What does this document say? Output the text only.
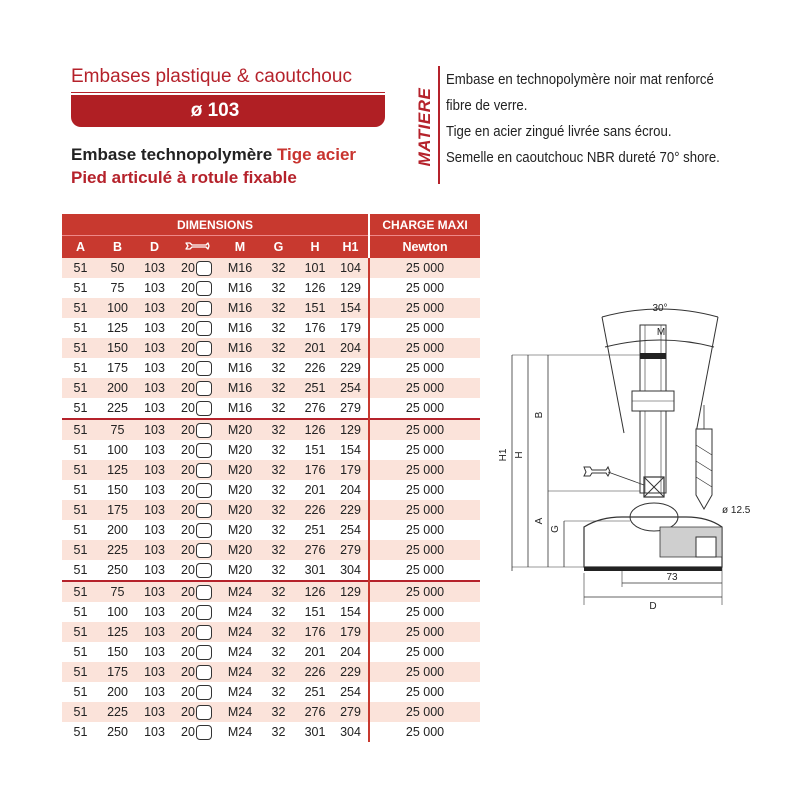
Embases plastique & caoutchouc
ø 103
Embase technopolymère Tige acier
Pied articulé à rotule fixable
MATIERE
Embase en technopolymère noir mat renforcé
fibre de verre.
Tige en acier zingué livrée sans écrou.
Semelle en caoutchouc NBR dureté 70° shore.
DIMENSIONS								CHARGE MAXI
A	B	D		M	G	H	H1	Newton
51	50	103	20	M16	32	101	104	25 000
51	75	103	20	M16	32	126	129	25 000
51	100	103	20	M16	32	151	154	25 000
51	125	103	20	M16	32	176	179	25 000
51	150	103	20	M16	32	201	204	25 000
51	175	103	20	M16	32	226	229	25 000
51	200	103	20	M16	32	251	254	25 000
51	225	103	20	M16	32	276	279	25 000
51	75	103	20	M20	32	126	129	25 000
51	100	103	20	M20	32	151	154	25 000
51	125	103	20	M20	32	176	179	25 000
51	150	103	20	M20	32	201	204	25 000
51	175	103	20	M20	32	226	229	25 000
51	200	103	20	M20	32	251	254	25 000
51	225	103	20	M20	32	276	279	25 000
51	250	103	20	M20	32	301	304	25 000
51	75	103	20	M24	32	126	129	25 000
51	100	103	20	M24	32	151	154	25 000
51	125	103	20	M24	32	176	179	25 000
51	150	103	20	M24	32	201	204	25 000
51	175	103	20	M24	32	226	229	25 000
51	200	103	20	M24	32	251	254	25 000
51	225	103	20	M24	32	276	279	25 000
51	250	103	20	M24	32	301	304	25 000
30°
M
ø 12.5
H1 H
B
A
G
73
D
